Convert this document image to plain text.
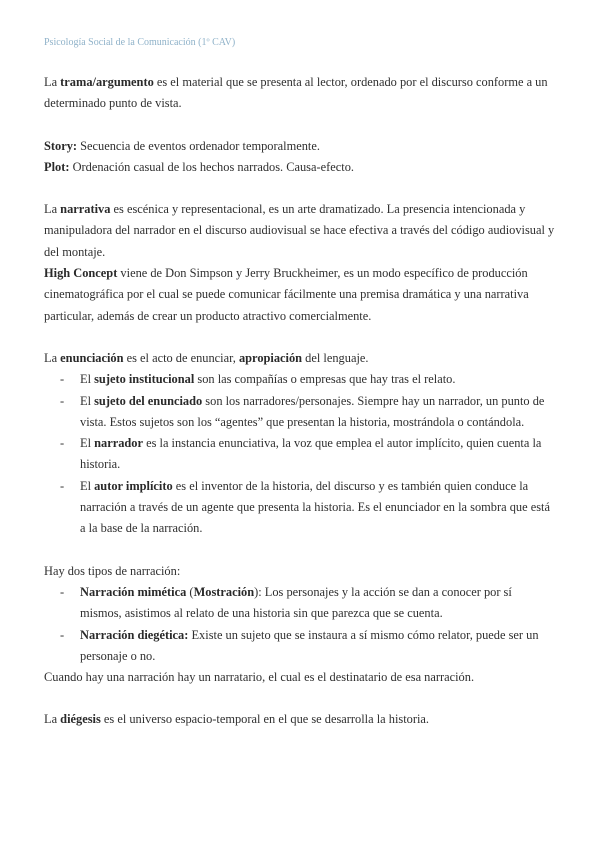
Psicología Social de la Comunicación (1º CAV)

La trama/argumento es el material que se presenta al lector, ordenado por el discurso conforme a un determinado punto de vista.

Story: Secuencia de eventos ordenador temporalmente.

Plot: Ordenación casual de los hechos narrados. Causa-efecto.

La narrativa es escénica y representacional, es un arte dramatizado. La presencia intencionada y manipuladora del narrador en el discurso audiovisual se hace efectiva a través del código audiovisual y del montaje.

High Concept viene de Don Simpson y Jerry Bruckheimer, es un modo específico de producción cinematográfica por el cual se puede comunicar fácilmente una premisa dramática y una narrativa particular, además de crear un producto atractivo comercialmente.

La enunciación es el acto de enunciar, apropiación del lenguaje.

- El sujeto institucional son las compañías o empresas que hay tras el relato.
- El sujeto del enunciado son los narradores/personajes. Siempre hay un narrador, un punto de vista. Estos sujetos son los “agentes” que presentan la historia, mostrándola o contándola.
- El narrador es la instancia enunciativa, la voz que emplea el autor implícito, quien cuenta la historia.
- El autor implícito es el inventor de la historia, del discurso y es también quien conduce la narración a través de un agente que presenta la historia. Es el enunciador en la sombra que está a la base de la narración.

Hay dos tipos de narración:

- Narración mimética (Mostración): Los personajes y la acción se dan a conocer por sí mismos, asistimos al relato de una historia sin que parezca que se cuenta.
- Narración diegética: Existe un sujeto que se instaura a sí mismo cómo relator, puede ser un personaje o no.

Cuando hay una narración hay un narratario, el cual es el destinatario de esa narración.

La diégesis es el universo espacio-temporal en el que se desarrolla la historia.
